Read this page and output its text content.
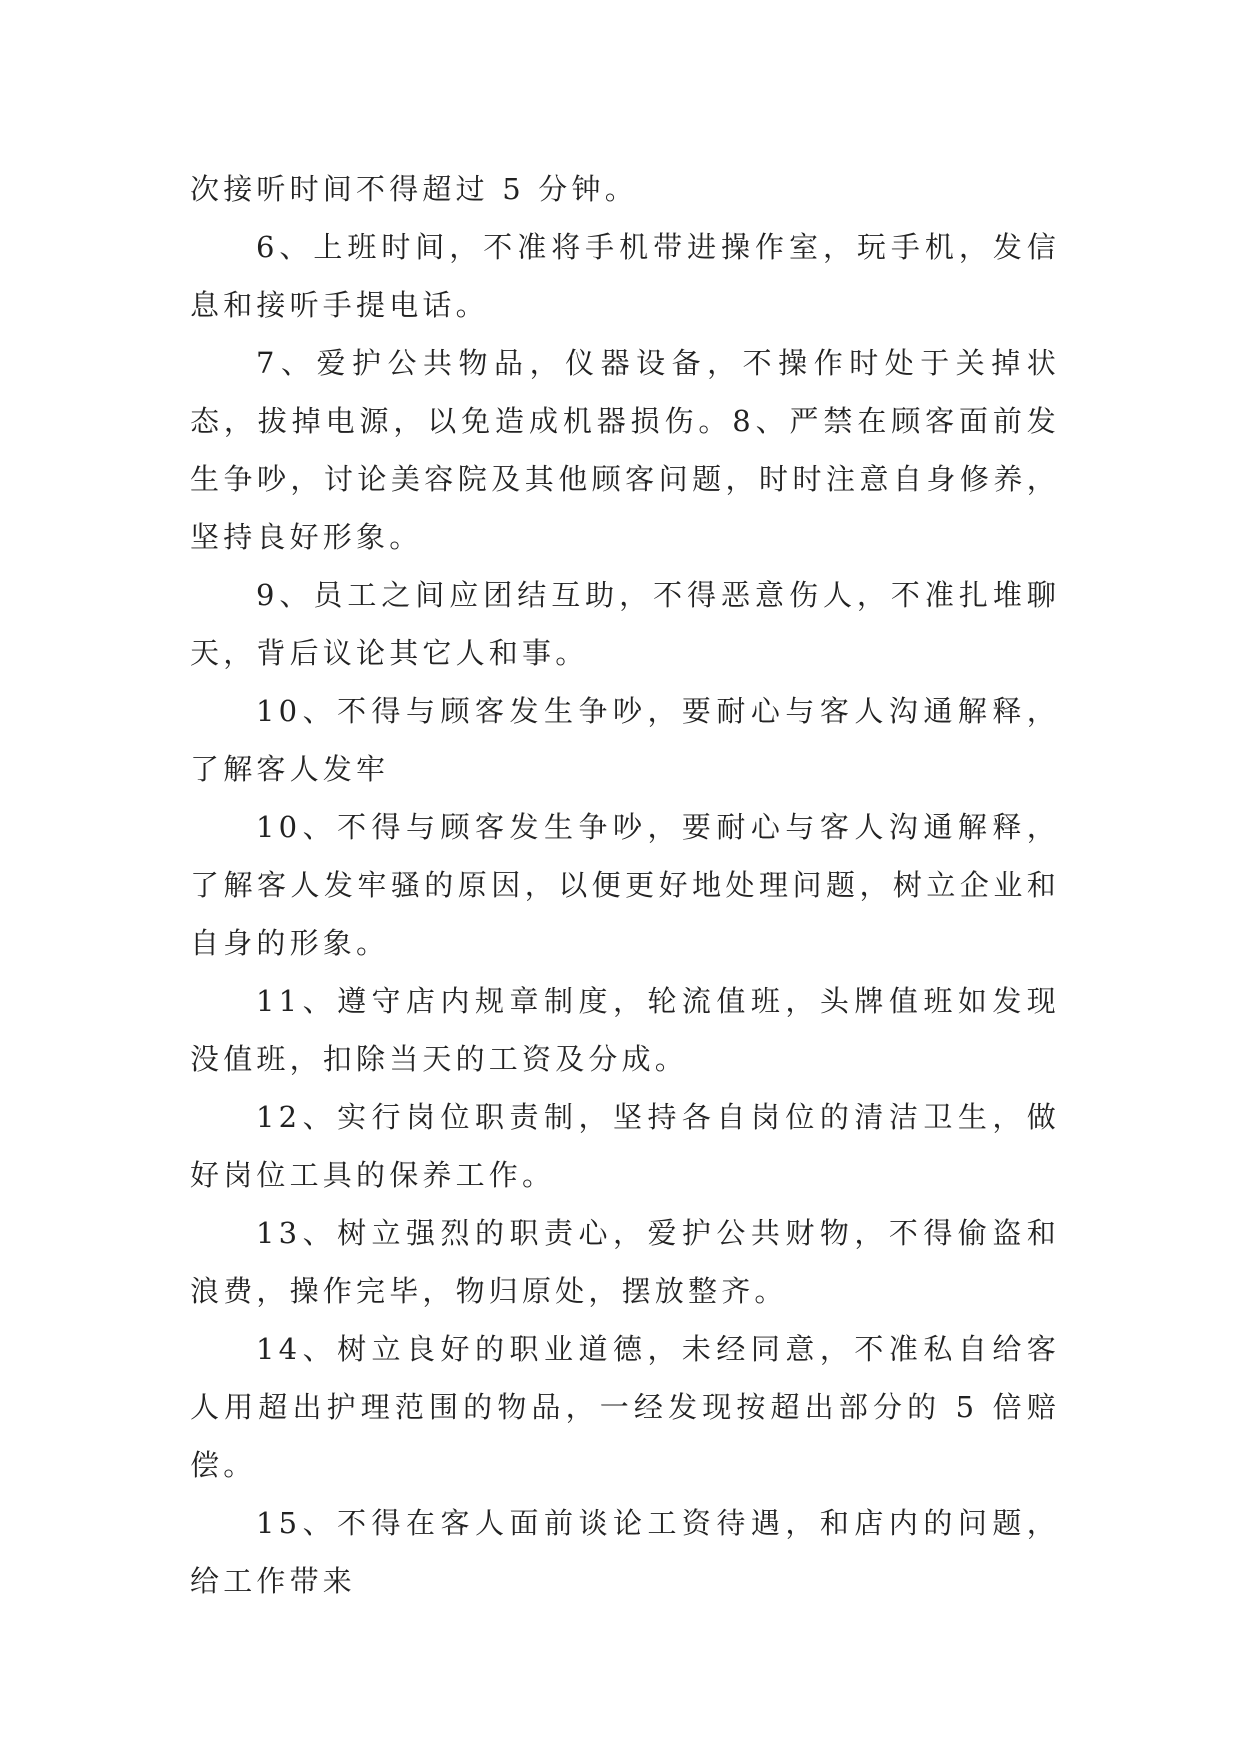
次接听时间不得超过 5 分钟。

6、上班时间，不准将手机带进操作室，玩手机，发信息和接听手提电话。

7、爱护公共物品，仪器设备，不操作时处于关掉状态，拔掉电源，以免造成机器损伤。8、严禁在顾客面前发生争吵，讨论美容院及其他顾客问题，时时注意自身修养，坚持良好形象。

9、员工之间应团结互助，不得恶意伤人，不准扎堆聊天，背后议论其它人和事。

10、不得与顾客发生争吵，要耐心与客人沟通解释，了解客人发牢

10、不得与顾客发生争吵，要耐心与客人沟通解释，了解客人发牢骚的原因，以便更好地处理问题，树立企业和自身的形象。

11、遵守店内规章制度，轮流值班，头牌值班如发现没值班，扣除当天的工资及分成。

12、实行岗位职责制，坚持各自岗位的清洁卫生，做好岗位工具的保养工作。

13、树立强烈的职责心，爱护公共财物，不得偷盗和浪费，操作完毕，物归原处，摆放整齐。

14、树立良好的职业道德，未经同意，不准私自给客人用超出护理范围的物品，一经发现按超出部分的 5 倍赔偿。

15、不得在客人面前谈论工资待遇，和店内的问题，给工作带来
